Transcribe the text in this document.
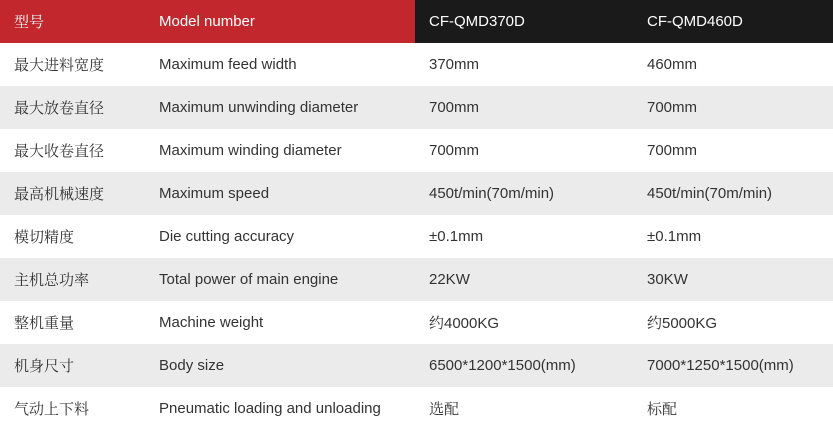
型号	Model number	CF-QMD370D	CF-QMD460D
最大进料宽度	Maximum feed width	370mm	460mm
最大放卷直径	Maximum unwinding diameter	700mm	700mm
最大收卷直径	Maximum winding diameter	700mm	700mm
最高机械速度	Maximum speed	450t/min(70m/min)	450t/min(70m/min)
模切精度	Die cutting accuracy	±0.1mm	±0.1mm
主机总功率	Total power of main engine	22KW	30KW
整机重量	Machine weight	约4000KG	约5000KG
机身尺寸	Body size	6500*1200*1500(mm)	7000*1250*1500(mm)
气动上下料	Pneumatic loading and unloading	选配	标配
